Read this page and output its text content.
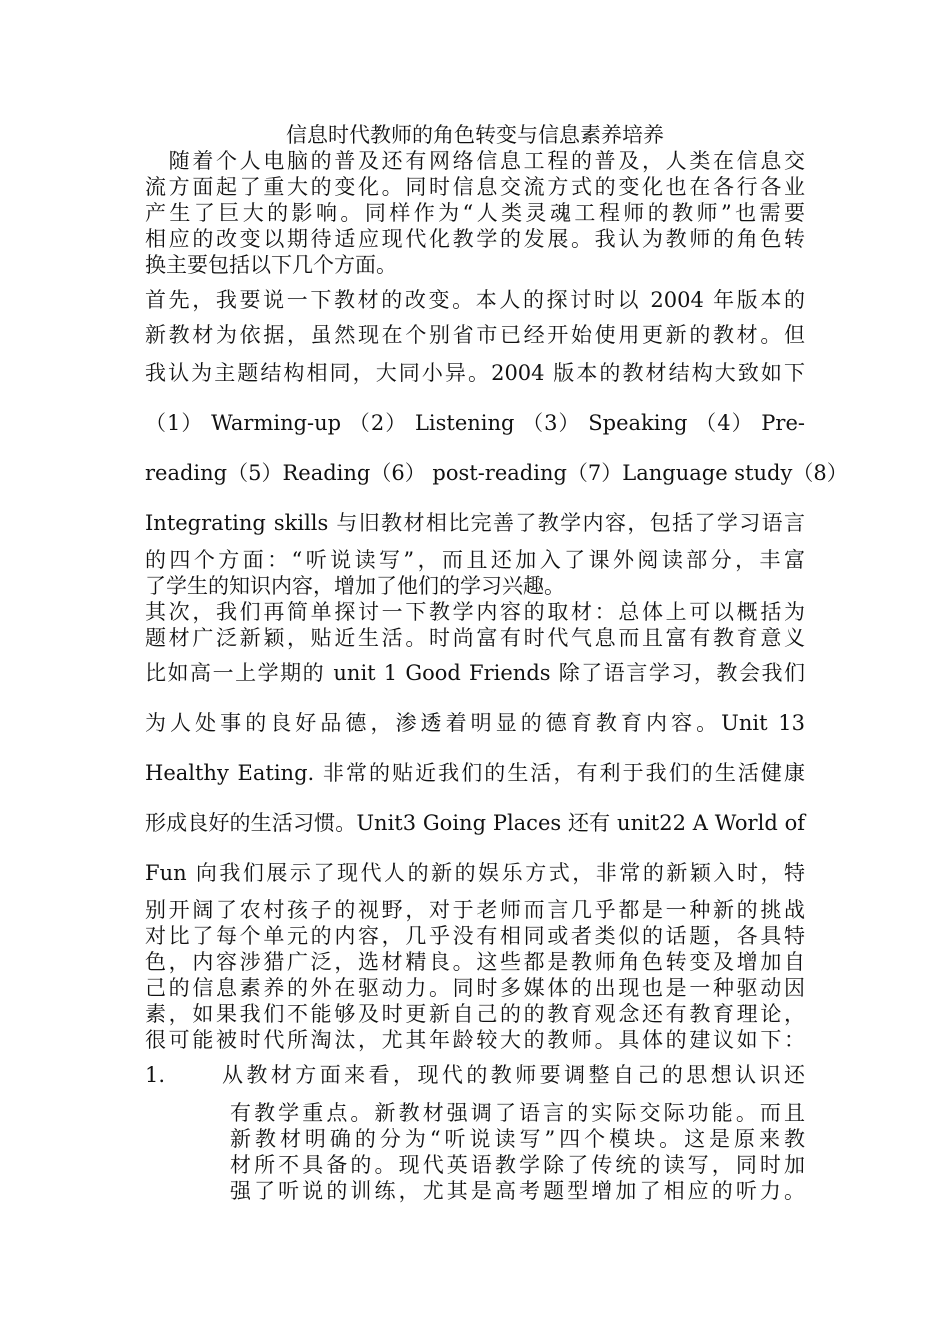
信息时代教师的角色转变与信息素养培养
　随着个人电脑的普及还有网络信息工程的普及，人类在信息交
流方面起了重大的变化。同时信息交流方式的变化也在各行各业
产生了巨大的影响。同样作为“人类灵魂工程师的教师”也需要
相应的改变以期待适应现代化教学的发展。我认为教师的角色转
换主要包括以下几个方面。
首先，我要说一下教材的改变。本人的探讨时以 2004 年版本的
新教材为依据，虽然现在个别省市已经开始使用更新的教材。但
我认为主题结构相同，大同小异。2004 版本的教材结构大致如下
（1） Warming-up （2） Listening （3） Speaking （4） Pre-
reading（5）Reading（6） post-reading（7）Language study（8）
Integrating skills 与旧教材相比完善了教学内容，包括了学习语言
的四个方面：“听说读写”，而且还加入了课外阅读部分，丰富
了学生的知识内容，增加了他们的学习兴趣。
其次，我们再简单探讨一下教学内容的取材：总体上可以概括为
题材广泛新颖，贴近生活。时尚富有时代气息而且富有教育意义
比如高一上学期的 unit 1 Good Friends 除了语言学习，教会我们
为人处事的良好品德，渗透着明显的德育教育内容。Unit 13
Healthy Eating. 非常的贴近我们的生活，有利于我们的生活健康
形成良好的生活习惯。Unit3 Going Places 还有 unit22 A World of
Fun 向我们展示了现代人的新的娱乐方式，非常的新颖入时，特
别开阔了农村孩子的视野，对于老师而言几乎都是一种新的挑战
对比了每个单元的内容，几乎没有相同或者类似的话题，各具特
色，内容涉猎广泛，选材精良。这些都是教师角色转变及增加自
己的信息素养的外在驱动力。同时多媒体的出现也是一种驱动因
素，如果我们不能够及时更新自己的的教育观念还有教育理论，
很可能被时代所淘汰，尤其年龄较大的教师。具体的建议如下：
1.	从教材方面来看，现代的教师要调整自己的思想认识还
有教学重点。新教材强调了语言的实际交际功能。而且
新教材明确的分为“听说读写”四个模块。这是原来教
材所不具备的。现代英语教学除了传统的读写，同时加
强了听说的训练，尤其是高考题型增加了相应的听力。
